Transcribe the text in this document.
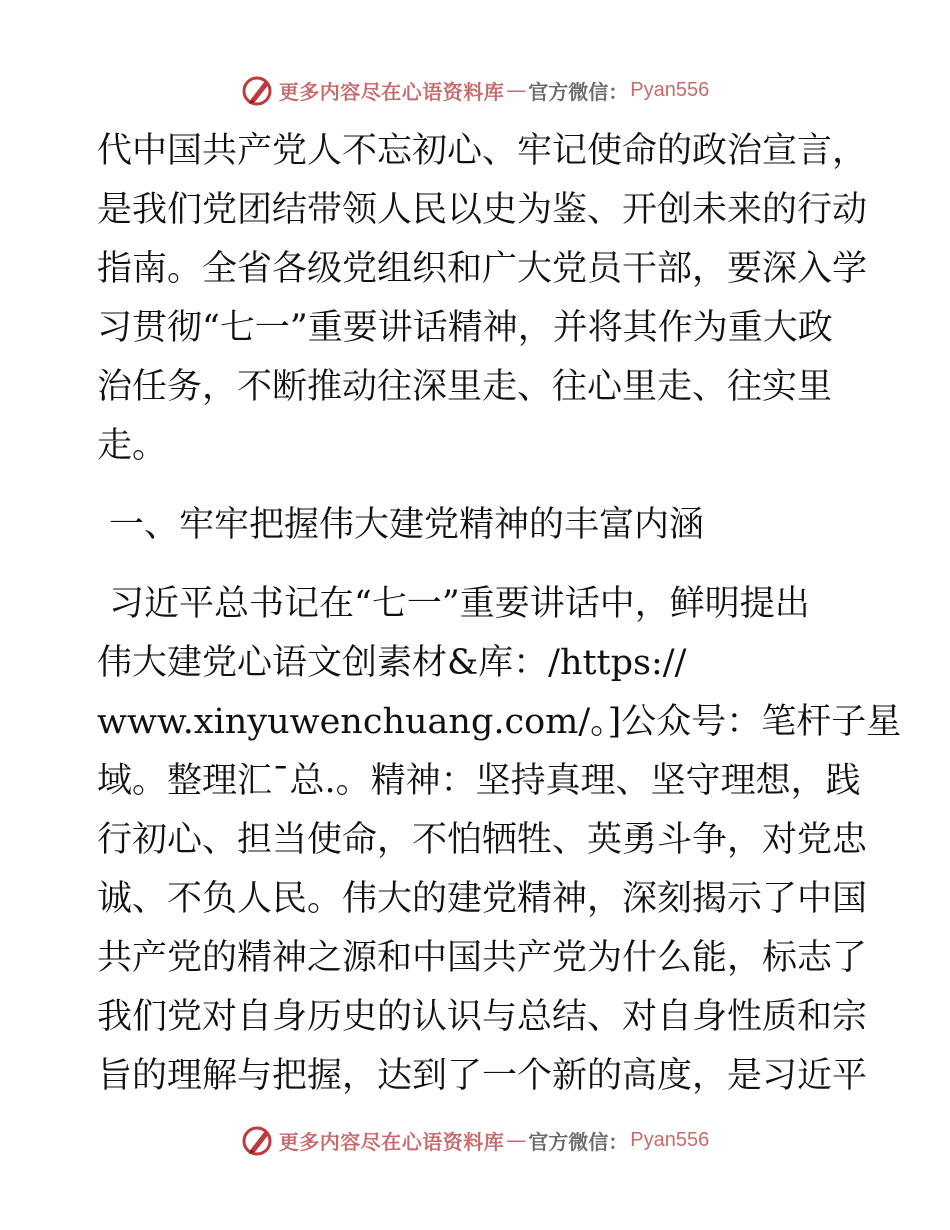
更多内容尽在心语资料库 — 官方微信： Pyan556
代中国共产党人不忘初心、牢记使命的政治宣言，
是我们党团结带领人民以史为鉴、开创未来的行动
指南。全省各级党组织和广大党员干部，要深入学
习贯彻“七一”重要讲话精神，并将其作为重大政
治任务，不断推动往深里走、往心里走、往实里
走。
一、牢牢把握伟大建党精神的丰富内涵
习近平总书记在“七一”重要讲话中，鲜明提出
伟大建党心语文创素材&库：/https://
www.xinyuwenchuang.com/。]公众号：笔杆子星
域。整理汇¯总.。精神：坚持真理、坚守理想，践
行初心、担当使命，不怕牺牲、英勇斗争，对党忠
诚、不负人民。伟大的建党精神，深刻揭示了中国
共产党的精神之源和中国共产党为什么能，标志了
我们党对自身历史的认识与总结、对自身性质和宗
旨的理解与把握，达到了一个新的高度，是习近平
更多内容尽在心语资料库 — 官方微信： Pyan556
